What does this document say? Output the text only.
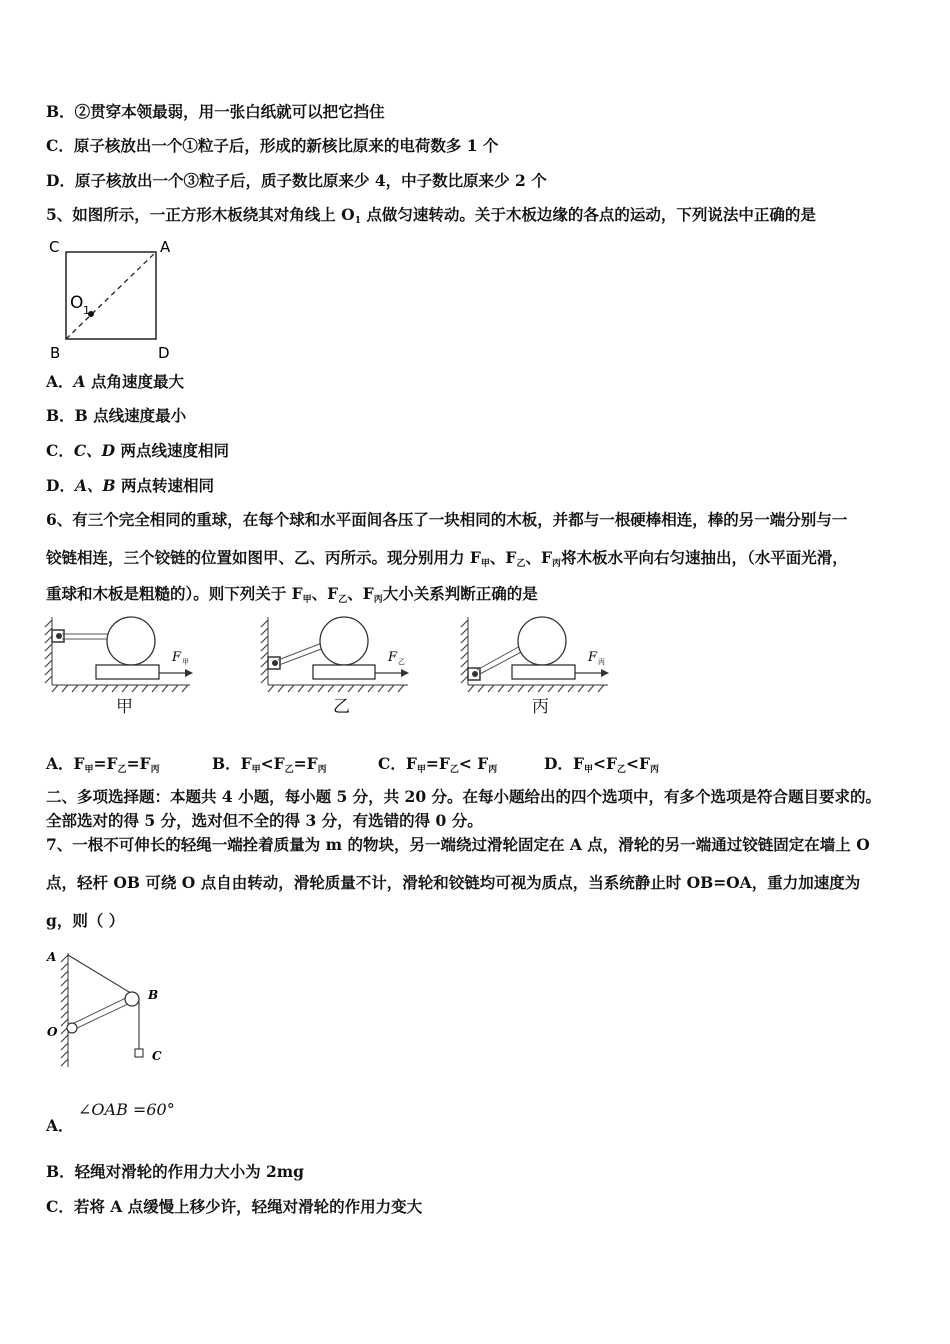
B．②贯穿本领最弱，用一张白纸就可以把它挡住
C．原子核放出一个①粒子后，形成的新核比原来的电荷数多 1 个
D．原子核放出一个③粒子后，质子数比原来少 4，中子数比原来少 2 个
5、如图所示，一正方形木板绕其对角线上 $O_1$ 点做匀速转动。关于木板边缘的各点的运动，下列说法中正确的是
C	A
B	D
O 1
A．A 点角速度最大
B．B 点线速度最小
C．C、D 两点线速度相同
D．A、B 两点转速相同
6、有三个完全相同的重球，在每个球和水平面间各压了一块相同的木板，并都与一根硬棒相连，棒的另一端分别与一
铰链相连，三个铰链的位置如图甲、乙、丙所示。现分别用力 $F_甲$、$F_乙$、$F_丙$将木板水平向右匀速抽出，（水平面光滑，
重球和木板是粗糙的）。则下列关于 $F_甲$、$F_乙$、$F_丙$大小关系判断正确的是
F 甲
甲
F 乙
乙
F 丙
丙
A．$F_甲=F_乙=F_丙$	B．$F_甲<F_乙=F_丙$	C．$F_甲=F_乙< F_丙$	D．$F_甲<F_乙<F_丙$
二、多项选择题：本题共 4 小题，每小题 5 分，共 20 分。在每小题给出的四个选项中，有多个选项是符合题目要求的。
全部选对的得 5 分，选对但不全的得 3 分，有选错的得 0 分。
7、一根不可伸长的轻绳一端拴着质量为 m 的物块，另一端绕过滑轮固定在 A 点，滑轮的另一端通过铰链固定在墙上 O
点，轻杆 OB 可绕 O 点自由转动，滑轮质量不计，滑轮和铰链均可视为质点，当系统静止时 OB=OA，重力加速度为
g，则（ ）
A
B
O
C
∠OAB =60°
A．
B．轻绳对滑轮的作用力大小为 2mg
C．若将 A 点缓慢上移少许，轻绳对滑轮的作用力变大
